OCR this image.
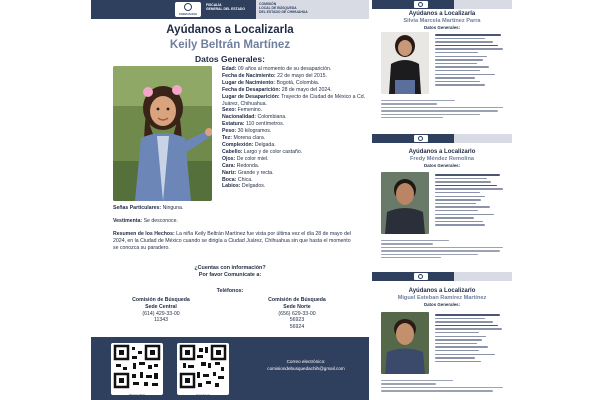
CHIHUAHUA
FISCALÍA
GENERAL DEL ESTADO
COMISIÓN
LOCAL DE BÚSQUEDA
DEL ESTADO DE CHIHUAHUA
Ayúdanos a Localizarla
Keily Beltrán Martínez
Datos Generales:
Edad: 09 años al momento de su desaparición.
Fecha de Nacimiento: 22 de mayo del 2015.
Lugar de Nacimiento: Bogotá, Colombia.
Fecha de Desaparición: 28 de mayo del 2024.
Lugar de Desaparición: Trayecto de Ciudad de México a Cd. Juárez, Chihuahua.
Sexo: Femenino.
Nacionalidad: Colombiana.
Estatura: 110 centímetros.
Peso: 30 kilogramos.
Tez: Morena clara.
Complexión: Delgada.
Cabello: Largo y de color castaño.
Ojos: De color miel.
Cara: Redonda.
Nariz: Grande y recta.
Boca: Chica.
Labios: Delgados.
Señas Particulares: Ninguna.
Vestimenta: Se desconoce.
Resumen de los Hechos: La niña Keily Beltrán Martínez fue vista por última vez el día 28 de mayo del 2024, en la Ciudad de México cuando se dirigía a Ciudad Juárez, Chihuahua sin que hasta el momento se conozca su paradero.
¿Cuentas con información?
Por favor Comunícate a:
Teléfonos:
Comisión de Búsqueda
Sede Central
(614) 429-33-00
11343
Comisión de Búsqueda
Sede Norte
(656) 629-33-00
56923
56924
Página Web	Facebook
Correo electrónico:
comisiondebusquedachih@gmail.com
Ayúdanos a Localizarla
Silvia Marcela Martínez Parra
Datos Generales:
Ayúdanos a Localizarlo
Fredy Méndez Remolina
Datos Generales:
Ayúdanos a Localizarlo
Miguel Esteban Ramírez Martínez
Datos Generales:
